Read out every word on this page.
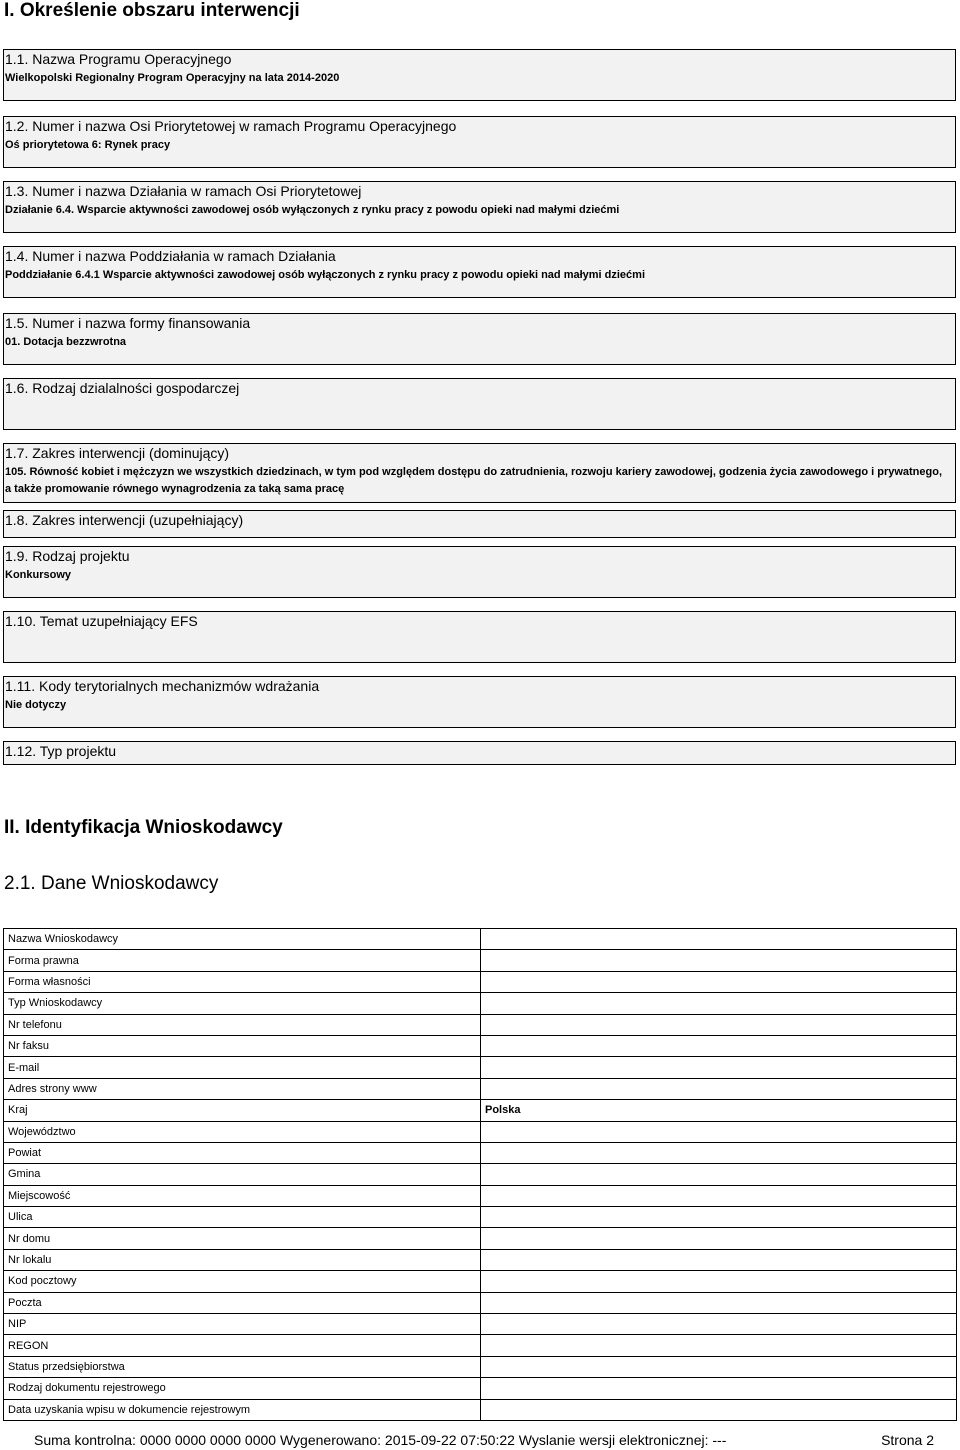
I. Określenie obszaru interwencji
1.1. Nazwa Programu Operacyjnego
Wielkopolski Regionalny Program Operacyjny na lata 2014-2020
1.2. Numer i nazwa Osi Priorytetowej w ramach Programu Operacyjnego
Oś priorytetowa 6: Rynek pracy
1.3. Numer i nazwa Działania w ramach Osi Priorytetowej
Działanie 6.4. Wsparcie aktywności zawodowej osób wyłączonych z rynku pracy z powodu opieki nad małymi dziećmi
1.4. Numer i nazwa Poddziałania w ramach Działania
Poddziałanie 6.4.1 Wsparcie aktywności zawodowej osób wyłączonych z rynku pracy z powodu opieki nad małymi dziećmi
1.5. Numer i nazwa formy finansowania
01. Dotacja bezzwrotna
1.6. Rodzaj dzialalności gospodarczej
1.7. Zakres interwencji (dominujący)
105. Równość kobiet i mężczyzn we wszystkich dziedzinach, w tym pod względem dostępu do zatrudnienia, rozwoju kariery zawodowej, godzenia życia zawodowego i prywatnego, a także promowanie równego wynagrodzenia za taką sama pracę
1.8. Zakres interwencji (uzupełniający)
1.9. Rodzaj projektu
Konkursowy
1.10. Temat uzupełniający EFS
1.11. Kody terytorialnych mechanizmów wdrażania
Nie dotyczy
1.12. Typ projektu
II. Identyfikacja Wnioskodawcy
2.1. Dane Wnioskodawcy
Nazwa Wnioskodawcy	
Forma prawna	
Forma własności	
Typ Wnioskodawcy	
Nr telefonu	
Nr faksu	
E-mail	
Adres strony www	
Kraj	Polska
Województwo	
Powiat	
Gmina	
Miejscowość	
Ulica	
Nr domu	
Nr lokalu	
Kod pocztowy	
Poczta	
NIP	
REGON	
Status przedsiębiorstwa	
Rodzaj dokumentu rejestrowego	
Data uzyskania wpisu w dokumencie rejestrowym	
Suma kontrolna: 0000 0000 0000 0000 Wygenerowano: 2015-09-22 07:50:22 Wyslanie wersji elektronicznej: ---	Strona 2
